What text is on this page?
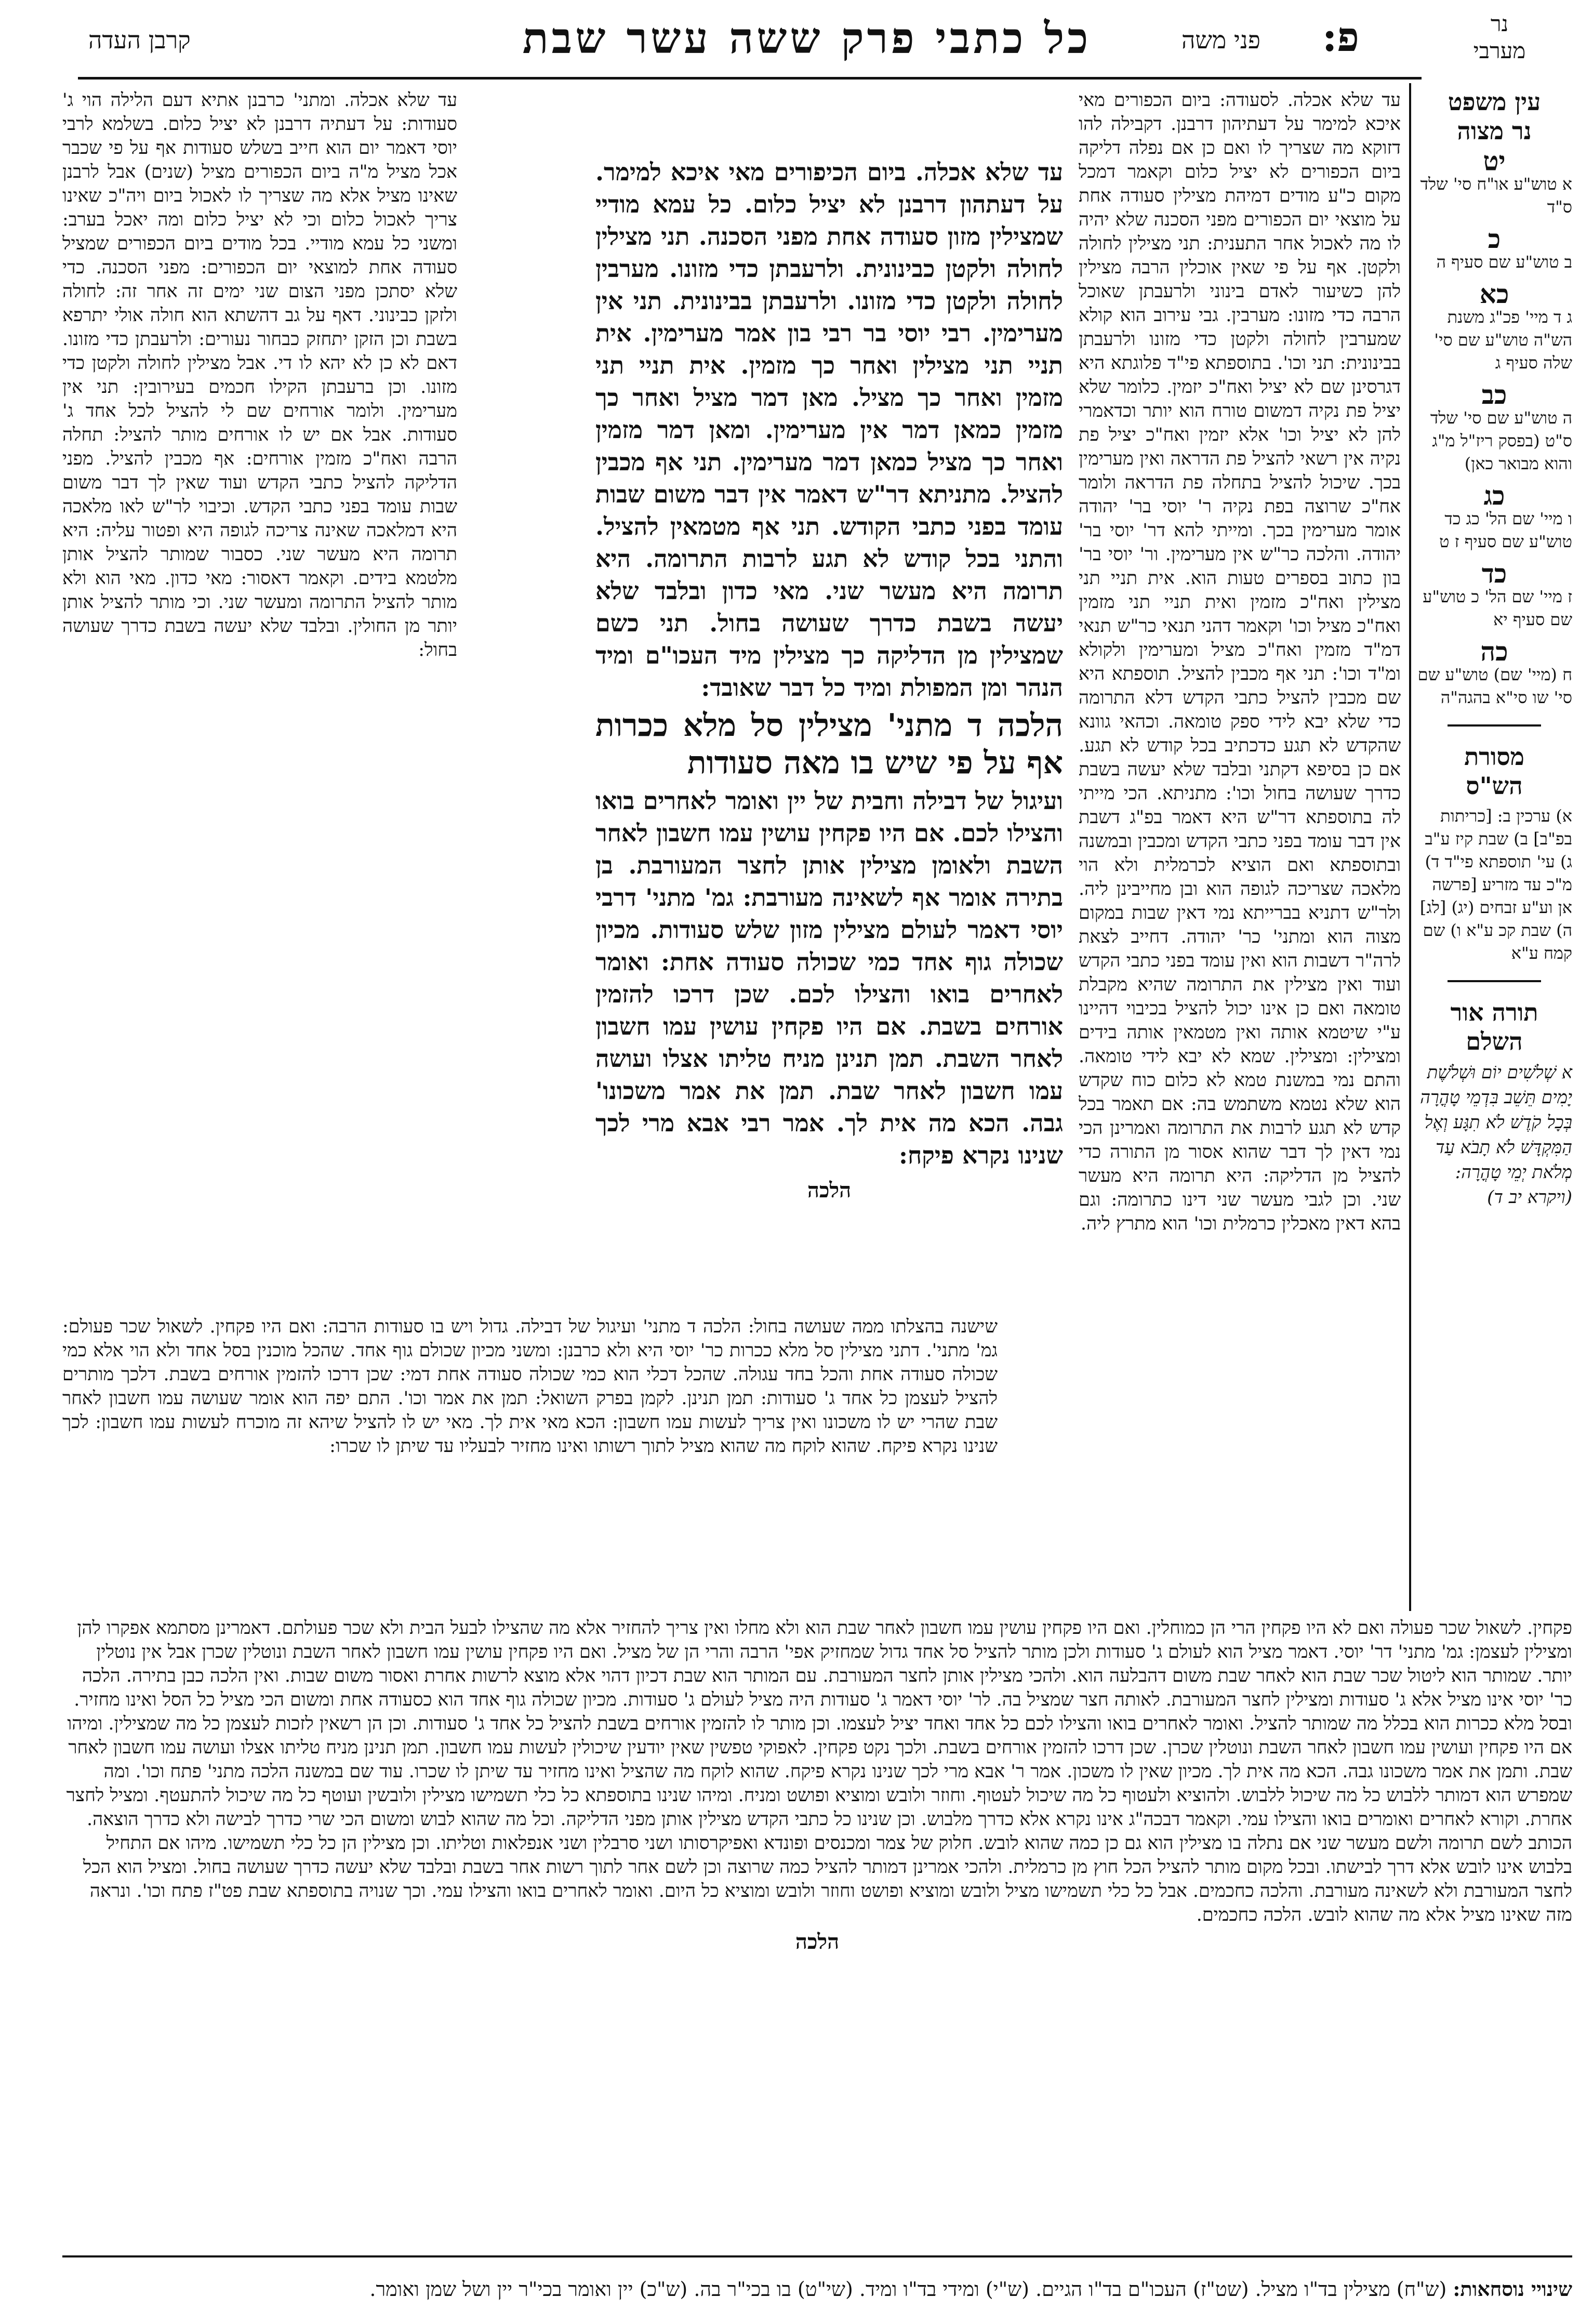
פ:
כל כתבי פרק ששה עשר שבת	פני משה
קרבן העדה
נר
מערבי
עין משפט
נר מצוה
יט
א טוש"ע או"ח סי' שלד ס"ד
כ
ב טוש"ע שם סעיף ה
כא
ג ד מיי' פכ"ג משנת הש"ה טוש"ע שם סי' שלה סעיף ג
כב
ה טוש"ע שם סי' שלד ס"ט (בפסק ריז"ל מ"ג והוא מבואר כאן)
כג
ו מיי' שם הל' כג כד טוש"ע שם סעיף ז ט
כד
ז מיי' שם הל' כ טוש"ע שם סעיף יא
כה
ח (מיי' שם) טוש"ע שם סי' שו סי"א בהגה"ה
מסורת
הש"ס
א) ערכין ב: [כריתות בפ"ב] ב) שבת קיז ע"ב ג) עי' תוספתא פי"ד ד) מ"כ עד מזריע [פרשה אן וע"ע זבחים (יג) [לג] ה) שבת קכ ע"א ו) שם קמח ע"א
תורה אור
השלם
א שְׁלֹשִׁים יוֹם וּשְׁלֹשֶׁת יָמִים תֵּשֵׁב בִּדְמֵי טָהֳרָה בְּכָל קֹדֶשׁ לֹא תִגָּע וְאֶל הַמִּקְדָּשׁ לֹא תָבֹא עַד מְלֹאת יְמֵי טָהֳרָה: (ויקרא יב ד)

עד שלא אכלה. לסעודה: ביום הכפורים מאי איכא למימר על דעתיהון דרבנן. דקבילה להו דזוקא מה שצריך לו ואם כן אם נפלה דליקה ביום הכפורים לא יציל כלום וקאמר דמכל מקום כ"ע מודים דמיהת מצילין סעודה אחת על מוצאי יום הכפורים מפני הסכנה שלא יהיה לו מה לאכול אחר התענית: תני מצילין לחולה ולקטן. אף על פי שאין אוכלין הרבה מצילין להן כשיעור לאדם בינוני ולרעבתן שאוכל הרבה כדי מזונו: מערבין. גבי עירוב הוא קולא שמערבין לחולה ולקטן כדי מזונו ולרעבתן בבינונית: תני וכו'. בתוספתא פי"ד פלוגתא היא דגרסינן שם לא יציל ואח"כ יזמין. כלומר שלא יציל פת נקיה דמשום טורח הוא יותר וכדאמרי להן לא יציל וכו' אלא יזמין ואח"כ יציל פת נקיה אין רשאי להציל פת הדראה ואין מערימין בכך. שיכול להציל בתחלה פת הדראה ולומר אח"כ שרוצה בפת נקיה ר' יוסי בר' יהודה אומר מערימין בכך. ומייתי להא דר' יוסי בר' יהודה. והלכה כר"ש אין מערימין. ור' יוסי בר' בון כתוב בספרים טעות הוא. אית תניי תני מצילין ואח"כ מזמין ואית תניי תני מזמין ואח"כ מציל וכו' וקאמר דהני תנאי כר"ש תנאי דמ"ד מזמין ואח"כ מציל ומערימין ולקולא ומ"ד וכו': תני אף מכבין להציל. תוספתא היא שם מכבין להציל כתבי הקדש דלא התרומה כדי שלא יבא לידי ספק טומאה. וכהאי גוונא שהקדש לא תגע כדכתיב בכל קודש לא תגע. אם כן בסיפא דקתני ובלבד שלא יעשה בשבת כדרך שעושה בחול וכו': מתניתא. הכי מייתי לה בתוספתא דר"ש היא דאמר בפ"ג דשבת אין דבר עומד בפני כתבי הקדש ומכבין ובמשנה ובתוספתא ואם הוציא לכרמלית ולא הוי מלאכה שצריכה לגופה הוא ובן מחייבינן ליה. ולר"ש דתניא בברייתא נמי דאין שבות במקום מצוה הוא ומתני' כר' יהודה. דחייב לצאת לרה"ר דשבות הוא ואין עומד בפני כתבי הקדש ועוד ואין מצילין את התרומה שהיא מקבלת טומאה ואם כן אינו יכול להציל בכיבוי דהיינו ע"י שיטמא אותה ואין מטמאין אותה בידים ומצילין: ומצילין. שמא לא יבא לידי טומאה. והתם נמי במשנת טמא לא כלום כוח שקדש הוא שלא נטמא משתמש בה: אם תאמר בכל קדש לא תגע לרבות את התרומה ואמרינן הכי נמי דאין לך דבר שהוא אסור מן התורה כדי להציל מן הדליקה: היא תרומה היא מעשר שני. וכן לגבי מעשר שני דינו כתרומה: וגם בהא דאין מאכלין כרמלית וכו' הוא מתרץ ליה.

עד שלא אכלה. ביום הכיפורים מאי איכא למימר. על דעתהון דרבנן לא יציל כלום. כל עמא מודיי שמצילין מזון סעודה אחת מפני הסכנה. תני מצילין לחולה ולקטן כבינונית. ולרעבתן כדי מזונו. מערבין לחולה ולקטן כדי מזונו. ולרעבתן בבינונית. תני אין מערימין. רבי יוסי בר רבי בון אמר מערימין. אית תניי תני מצילין ואחר כך מזמין. אית תניי תני מזמין ואחר כך מציל. מאן דמר מציל ואחר כך מזמין כמאן דמר אין מערימין. ומאן דמר מזמין ואחר כך מציל כמאן דמר מערימין. תני אף מכבין להציל. מתניתא דר"ש דאמר אין דבר משום שבות עומד בפני כתבי הקודש. תני אף מטמאין להציל. והתני בכל קודש לא תגע לרבות התרומה. היא תרומה היא מעשר שני. מאי כדון ובלבד שלא יעשה בשבת כדרך שעושה בחול. תני כשם שמצילין מן הדליקה כך מצילין מיד העכו"ם ומיד הנהר ומן המפולת ומיד כל דבר שאובד:

הלכה ד מתני' מצילין סל מלא ככרות אף על פי שיש בו מאה סעודות

ועיגול של דבילה וחבית של יין ואומר לאחרים בואו והצילו לכם. אם היו פקחין עושין עמו חשבון לאחר השבת ולאומן מצילין אותן לחצר המעורבת. בן בתירה אומר אף לשאינה מעורבת: גמ' מתני' דרבי יוסי דאמר לעולם מצילין מזון שלש סעודות. מכיון שכולה גוף אחד כמי שכולה סעודה אחת: ואומר לאחרים בואו והצילו לכם. שכן דרכו להזמין אורחים בשבת. אם היו פקחין עושין עמו חשבון לאחר השבת. תמן תנינן מניח טליתו אצלו ועושה עמו חשבון לאחר שבת. תמן את אמר משכונו' גבה. הכא מה אית לך. אמר רבי אבא מרי לכך שנינו נקרא פיקח:

הלכה

עד שלא אכלה. ומתני' כרבנן אתיא דעם הלילה הוי ג' סעודות: על דעתיה דרבנן לא יציל כלום. בשלמא לרבי יוסי דאמר יום הוא חייב בשלש סעודות אף על פי שכבר אכל מציל מ"ה ביום הכפורים מציל (שנים) אבל לרבנן שאינו מציל אלא מה שצריך לו לאכול ביום ויה"כ שאינו צריך לאכול כלום וכי לא יציל כלום ומה יאכל בערב: ומשני כל עמא מודיי. בכל מודים ביום הכפורים שמציל סעודה אחת למוצאי יום הכפורים: מפני הסכנה. כדי שלא יסתכן מפני הצום שני ימים זה אחר זה: לחולה ולזקן כבינוני. דאף על גב דהשתא הוא חולה אולי יתרפא בשבת וכן הזקן יתחזק כבחור נעורים: ולרעבתן כדי מזונו. דאם לא כן לא יהא לו די. אבל מצילין לחולה ולקטן כדי מזונו. וכן ברעבתן הקילו חכמים בעירובין: תני אין מערימין. ולומר אורחים שם לי להציל לכל אחד ג' סעודות. אבל אם יש לו אורחים מותר להציל: תחלה הרבה ואח"כ מזמין אורחים: אף מכבין להציל. מפני הדליקה להציל כתבי הקדש ועוד שאין לך דבר משום שבות עומד בפני כתבי הקדש. וכיבוי לר"ש לאו מלאכה היא דמלאכה שאינה צריכה לגופה היא ופטור עליה: היא תרומה היא מעשר שני. כסבור שמותר להציל אותן מלטמא בידים. וקאמר דאסור: מאי כדון. מאי הוא ולא מותר להציל התרומה ומעשר שני. וכי מותר להציל אותן יותר מן החולין. ובלבד שלא יעשה בשבת כדרך שעושה בחול:

שישנה בהצלתו ממה שעושה בחול: הלכה ד מתני' ועיגול של דבילה. גדול ויש בו סעודות הרבה: ואם היו פקחין. לשאול שכר פעולם: גמ' מתני'. דתני מצילין סל מלא ככרות כר' יוסי היא ולא כרבנן: ומשני מכיון שכולם גוף אחד. שהכל מוכנין בסל אחד ולא הוי אלא כמי שכולה סעודה אחת והכל בחד עגולה. שהכל דכלי הוא כמי שכולה סעודה אחת דמי: שכן דרכו להזמין אורחים בשבת. דלכך מותרים להציל לעצמן כל אחד ג' סעודות: תמן תנינן. לקמן בפרק השואל: תמן את אמר וכו'. התם יפה הוא אומר שעושה עמו חשבון לאחר שבת שהרי יש לו משכונו ואין צריך לעשות עמו חשבון: הכא מאי אית לך. מאי יש לו להציל שיהא זה מוכרח לעשות עמו חשבון: לכך שנינו נקרא פיקח. שהוא לוקח מה שהוא מציל לתוך רשותו ואינו מחזיר לבעליו עד שיתן לו שכרו:

פקחין. לשאול שכר פעולה ואם לא היו פקחין הרי הן כמוחלין. ואם היו פקחין עושין עמו חשבון לאחר שבת הוא ולא מחלו ואין צריך להחזיר אלא מה שהצילו לבעל הבית ולא שכר פעולתם. דאמרינן מסתמא אפקרו להן ומצילין לעצמן: גמ' מתני' דר' יוסי. דאמר מציל הוא לעולם ג' סעודות ולכן מותר להציל סל אחד גדול שמחזיק אפי' הרבה והרי הן של מציל. ואם היו פקחין עושין עמו חשבון לאחר השבת ונוטלין שכרן אבל אין נוטלין יותר. שמותר הוא ליטול שכר שבת הוא לאחר שבת משום דהבלעה הוא. ולהכי מצילין אותן לחצר המעורבת. עם המותר הוא שבת דכיון דהוי אלא מוצא לרשות אחרת ואסור משום שבות. ואין הלכה כבן בתירה. הלכה כר' יוסי אינו מציל אלא ג' סעודות ומצילין לחצר המעורבת. לאותה חצר שמציל בה. לר' יוסי דאמר ג' סעודות היה מציל לעולם ג' סעודות. מכיון שכולה גוף אחד הוא כסעודה אחת ומשום הכי מציל כל הסל ואינו מחזיר. ובסל מלא ככרות הוא בכלל מה שמותר להציל. ואומר לאחרים בואו והצילו לכם כל אחד ואחד יציל לעצמו. וכן מותר לו להזמין אורחים בשבת להציל כל אחד ג' סעודות. וכן הן רשאין לזכות לעצמן כל מה שמצילין. ומיהו אם היו פקחין ועושין עמו חשבון לאחר השבת ונוטלין שכרן. שכן דרכו להזמין אורחים בשבת. ולכך נקט פקחין. לאפוקי טפשין שאין יודעין שיכולין לעשות עמו חשבון. תמן תנינן מניח טליתו אצלו ועושה עמו חשבון לאחר שבת. ותמן את אמר משכונו גבה. הכא מה אית לך. מכיון שאין לו משכון. אמר ר' אבא מרי לכך שנינו נקרא פיקח. שהוא לוקח מה שהציל ואינו מחזיר עד שיתן לו שכרו. עוד שם במשנה הלכה מתני' פתח וכו'. ומה שמפרש הוא דמותר ללבוש כל מה שיכול ללבוש. ולהוציא ולעטוף כל מה שיכול לעטוף. וחוזר ולובש ומוציא ופושט ומניח. ומיהו שנינו בתוספתא כל כלי תשמישו מצילין ולובשין ועוטף כל מה שיכול להתעטף. ומציל לחצר אחרת. וקורא לאחרים ואומרים בואו והצילו עמי. וקאמר דבכה"ג אינו נקרא אלא כדרך מלבוש. וכן שנינו כל כתבי הקדש מצילין אותן מפני הדליקה. וכל מה שהוא לבוש ומשום הכי שרי כדרך לבישה ולא כדרך הוצאה. הכותב לשם תרומה ולשם מעשר שני אם נתלה בו מצילין הוא גם כן כמה שהוא לובש. חלוק של צמר ומכנסים ופונדא ואפיקרסותו ושני סרבלין ושני אנפלאות וטליתו. וכן מצילין הן כל כלי תשמישו. מיהו אם התחיל בלבוש אינו לובש אלא דרך לבישתו. ובכל מקום מותר להציל הכל חוץ מן כרמלית. ולהכי אמרינן דמותר להציל כמה שרוצה וכן לשם אחר לתוך רשות אחר בשבת ובלבד שלא יעשה כדרך שעושה בחול. ומציל הוא הכל לחצר המעורבת ולא לשאינה מעורבת. והלכה כחכמים. אבל כל כלי תשמישו מציל ולובש ומוציא ופושט וחוזר ולובש ומוציא כל היום. ואומר לאחרים בואו והצילו עמי. וכך שנויה בתוספתא שבת פט"ז פתח וכו'. ונראה מזה שאינו מציל אלא מה שהוא לובש. הלכה כחכמים.

הלכה
שינויי נוסחאות: (ש"ח) מצילין בד"ו מציל. (שט"ז) העכו"ם בד"ו הגיים. (ש"י) ומידי בד"ו ומיד. (שי"ט) בו בכי"ר בה. (ש"כ) יין ואומר בכי"ר יין ושל שמן ואומר.
